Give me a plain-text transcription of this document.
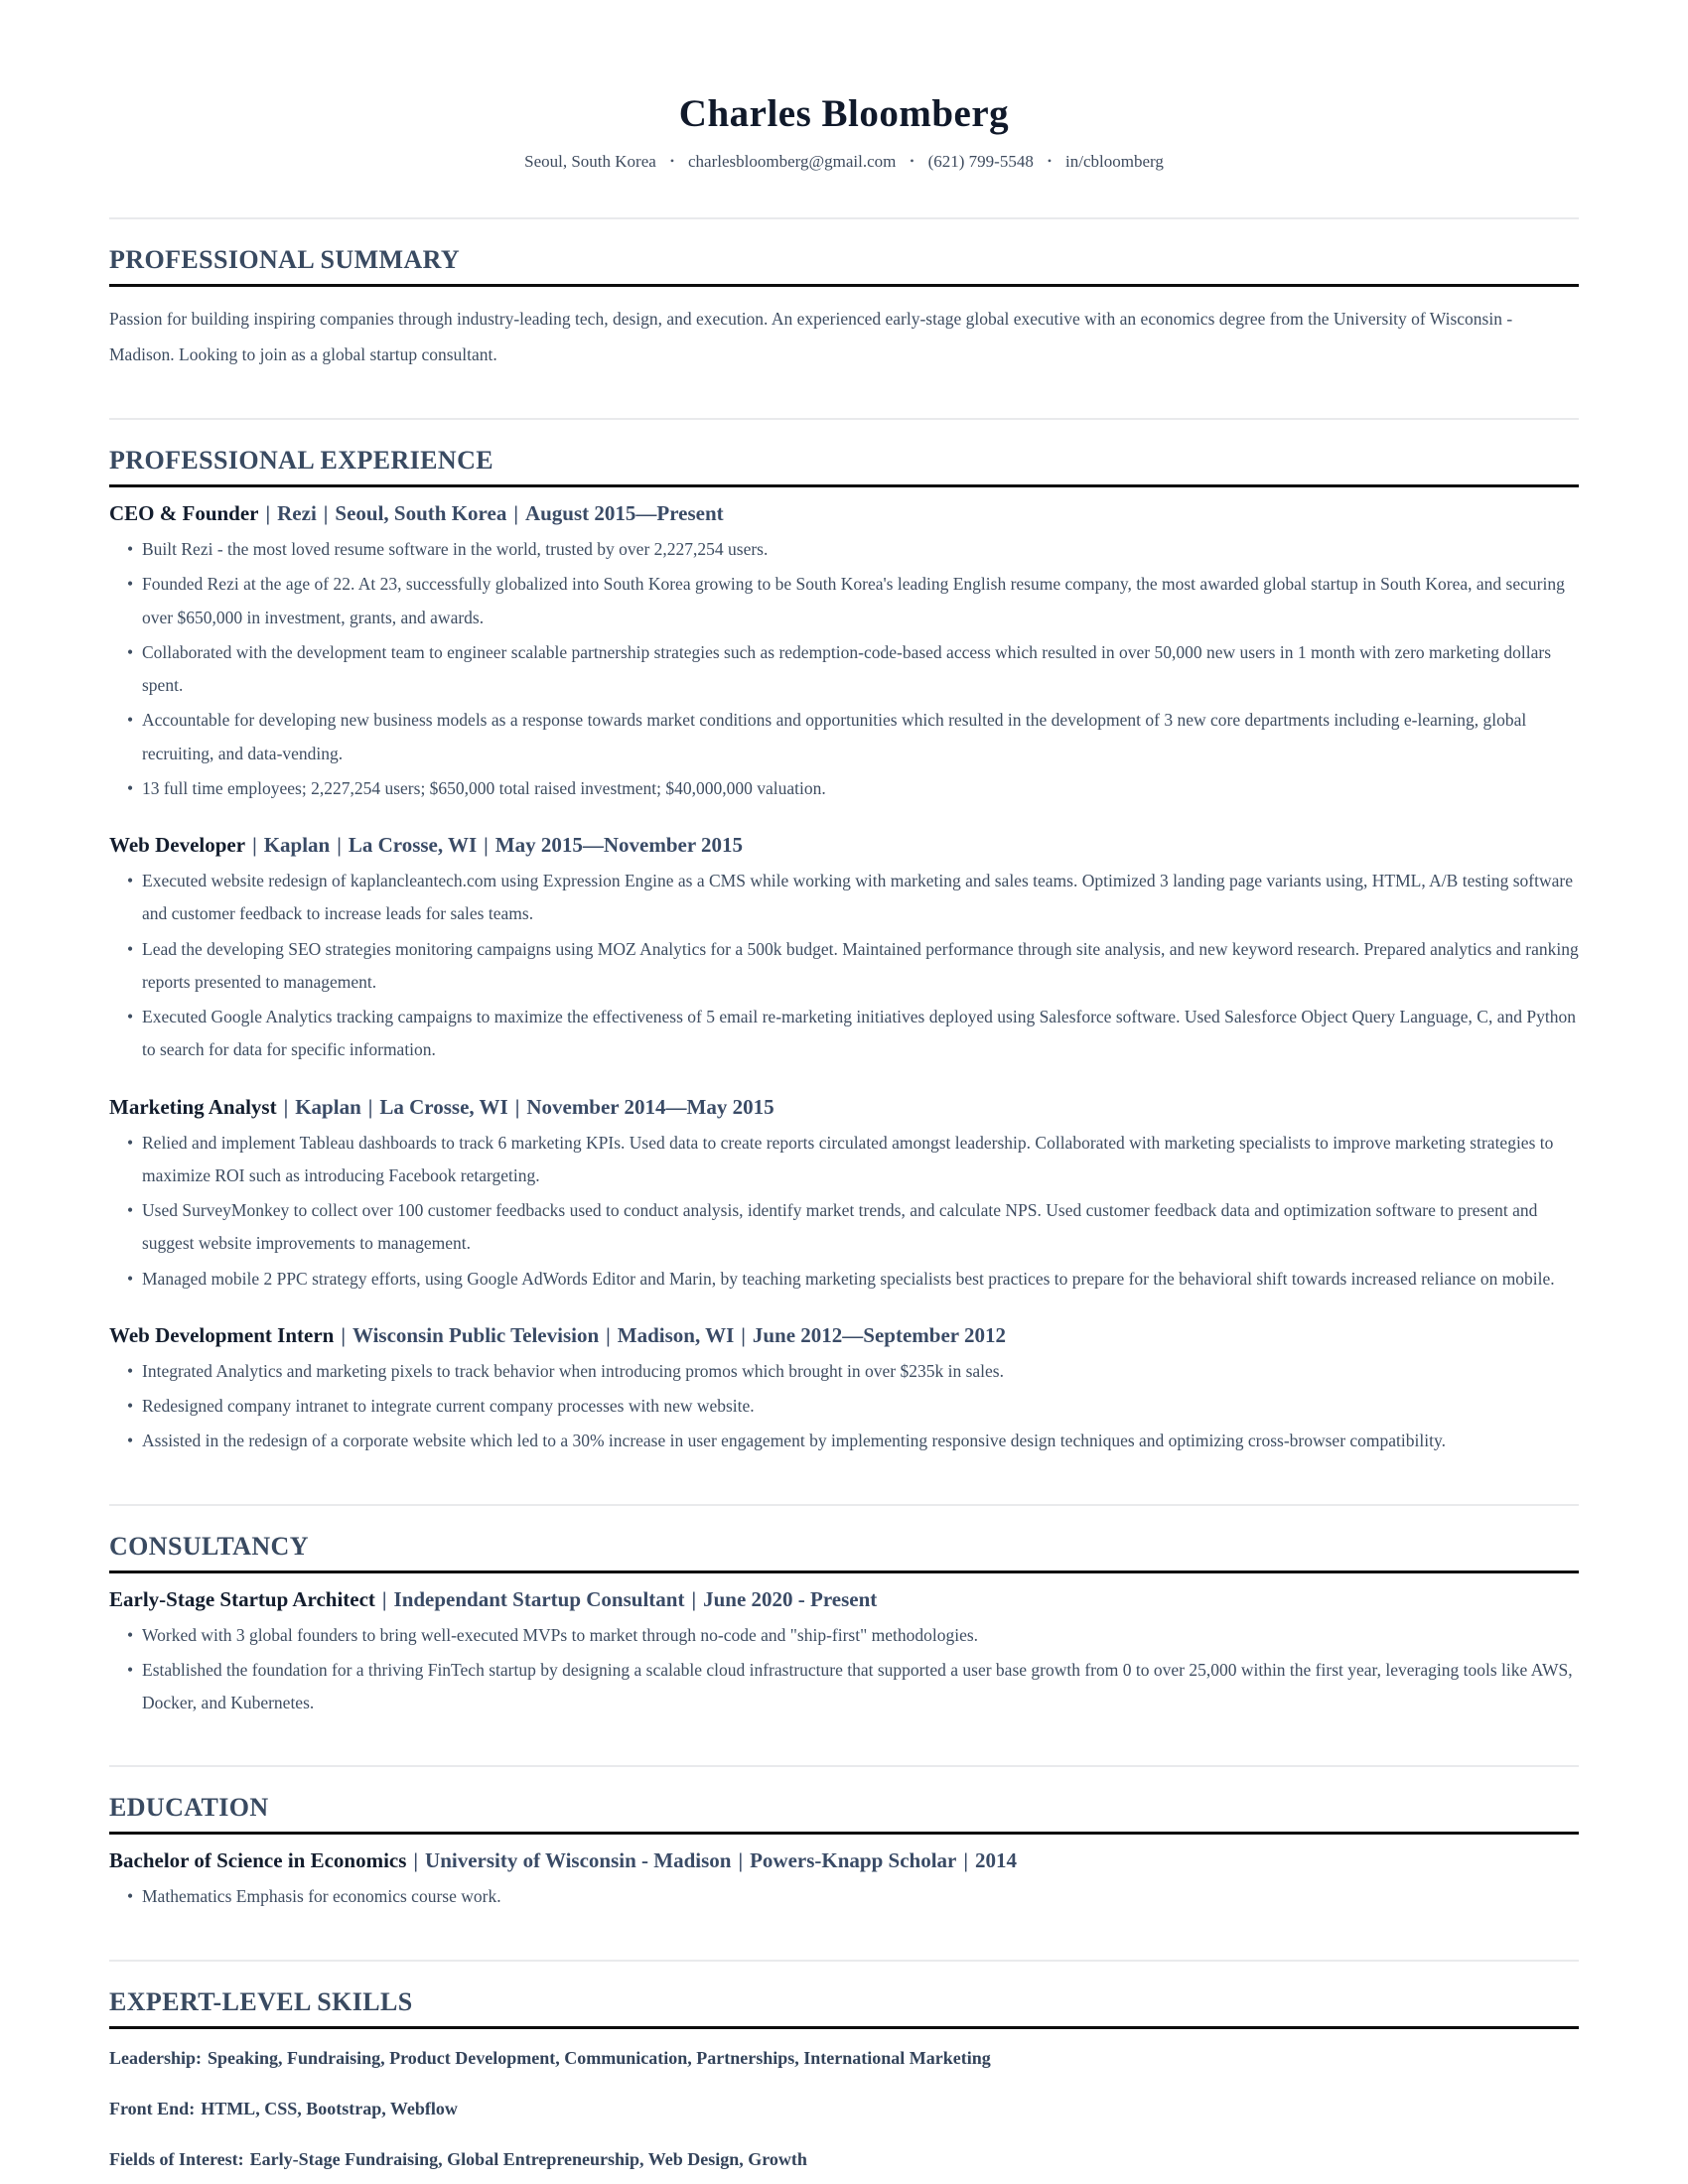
Charles Bloomberg
Seoul, South Korea • charlesbloomberg@gmail.com • (621) 799-5548 • in/cbloomberg
PROFESSIONAL SUMMARY

Passion for building inspiring companies through industry-leading tech, design, and execution. An experienced early-stage global executive with an economics degree from the University of Wisconsin - Madison. Looking to join as a global startup consultant.

PROFESSIONAL EXPERIENCE
CEO & Founder | Rezi | Seoul, South Korea | August 2015—Present
• Built Rezi - the most loved resume software in the world, trusted by over 2,227,254 users.
• Founded Rezi at the age of 22. At 23, successfully globalized into South Korea growing to be South Korea's leading English resume company, the most awarded global startup in South Korea, and securing over $650,000 in investment, grants, and awards.
• Collaborated with the development team to engineer scalable partnership strategies such as redemption-code-based access which resulted in over 50,000 new users in 1 month with zero marketing dollars spent.
• Accountable for developing new business models as a response towards market conditions and opportunities which resulted in the development of 3 new core departments including e-learning, global recruiting, and data-vending.
• 13 full time employees; 2,227,254 users; $650,000 total raised investment; $40,000,000 valuation.
Web Developer | Kaplan | La Crosse, WI | May 2015—November 2015
• Executed website redesign of kaplancleantech.com using Expression Engine as a CMS while working with marketing and sales teams. Optimized 3 landing page variants using, HTML, A/B testing software and customer feedback to increase leads for sales teams.
• Lead the developing SEO strategies monitoring campaigns using MOZ Analytics for a 500k budget. Maintained performance through site analysis, and new keyword research. Prepared analytics and ranking reports presented to management.
• Executed Google Analytics tracking campaigns to maximize the effectiveness of 5 email re-marketing initiatives deployed using Salesforce software. Used Salesforce Object Query Language, C, and Python to search for data for specific information.
Marketing Analyst | Kaplan | La Crosse, WI | November 2014—May 2015
• Relied and implement Tableau dashboards to track 6 marketing KPIs. Used data to create reports circulated amongst leadership. Collaborated with marketing specialists to improve marketing strategies to maximize ROI such as introducing Facebook retargeting.
• Used SurveyMonkey to collect over 100 customer feedbacks used to conduct analysis, identify market trends, and calculate NPS. Used customer feedback data and optimization software to present and suggest website improvements to management.
• Managed mobile 2 PPC strategy efforts, using Google AdWords Editor and Marin, by teaching marketing specialists best practices to prepare for the behavioral shift towards increased reliance on mobile.
Web Development Intern | Wisconsin Public Television | Madison, WI | June 2012—September 2012
• Integrated Analytics and marketing pixels to track behavior when introducing promos which brought in over $235k in sales.
• Redesigned company intranet to integrate current company processes with new website.
• Assisted in the redesign of a corporate website which led to a 30% increase in user engagement by implementing responsive design techniques and optimizing cross-browser compatibility.
CONSULTANCY
Early-Stage Startup Architect | Independant Startup Consultant | June 2020 - Present
• Worked with 3 global founders to bring well-executed MVPs to market through no-code and "ship-first" methodologies.
• Established the foundation for a thriving FinTech startup by designing a scalable cloud infrastructure that supported a user base growth from 0 to over 25,000 within the first year, leveraging tools like AWS, Docker, and Kubernetes.
EDUCATION
Bachelor of Science in Economics | University of Wisconsin - Madison | Powers-Knapp Scholar | 2014
• Mathematics Emphasis for economics course work.
EXPERT-LEVEL SKILLS
Leadership: Speaking, Fundraising, Product Development, Communication, Partnerships, International Marketing
Front End: HTML, CSS, Bootstrap, Webflow
Fields of Interest: Early-Stage Fundraising, Global Entrepreneurship, Web Design, Growth
